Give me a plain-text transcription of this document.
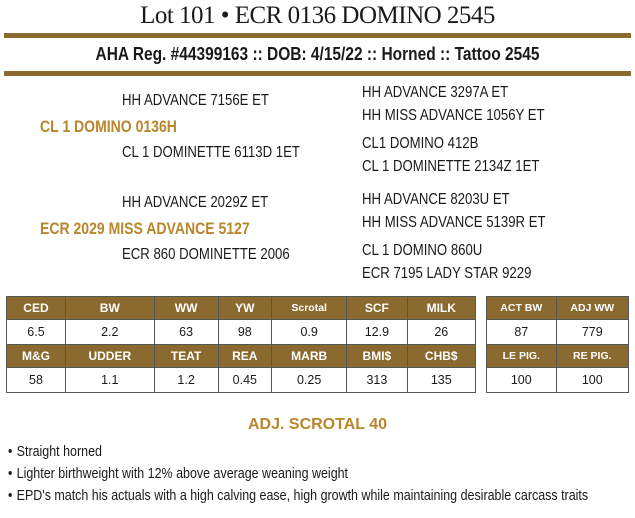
Lot 101 • ECR 0136 DOMINO 2545
AHA Reg. #44399163 :: DOB: 4/15/22 :: Horned :: Tattoo 2545
HH ADVANCE 7156E ET
CL 1 DOMINO 0136H
CL 1 DOMINETTE 6113D 1ET
HH ADVANCE 3297A ET
HH MISS ADVANCE 1056Y ET
CL1 DOMINO 412B
CL 1 DOMINETTE 2134Z 1ET
HH ADVANCE 2029Z ET
ECR 2029 MISS ADVANCE 5127
ECR 860 DOMINETTE 2006
HH ADVANCE 8203U ET
HH MISS ADVANCE 5139R ET
CL 1 DOMINO 860U
ECR 7195 LADY STAR 9229
CED	BW	WW	YW	Scrotal	SCF	MILK
6.5	2.2	63	98	0.9	12.9	26
M&G	UDDER	TEAT	REA	MARB	BMI$	CHB$
58	1.1	1.2	0.45	0.25	313	135
ACT BW	ADJ WW
87	779
LE PIG.	RE PIG.
100	100
ADJ. SCROTAL 40
• Straight horned
• Lighter birthweight with 12% above average weaning weight
• EPD's match his actuals with a high calving ease, high growth while maintaining desirable carcass traits
